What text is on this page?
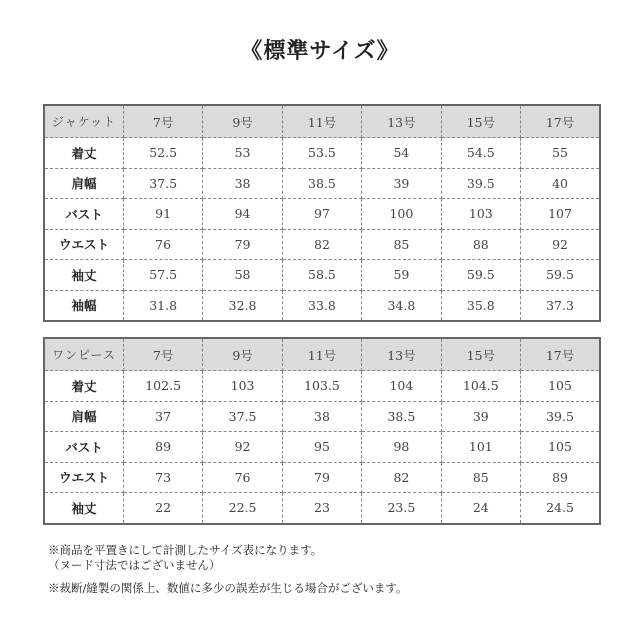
《標準サイズ》
ジャケット	7号	9号	11号	13号	15号	17号
着丈	52.5	53	53.5	54	54.5	55
肩幅	37.5	38	38.5	39	39.5	40
バスト	91	94	97	100	103	107
ウエスト	76	79	82	85	88	92
袖丈	57.5	58	58.5	59	59.5	59.5
袖幅	31.8	32.8	33.8	34.8	35.8	37.3
ワンピース	7号	9号	11号	13号	15号	17号
着丈	102.5	103	103.5	104	104.5	105
肩幅	37	37.5	38	38.5	39	39.5
バスト	89	92	95	98	101	105
ウエスト	73	76	79	82	85	89
袖丈	22	22.5	23	23.5	24	24.5
※商品を平置きにして計測したサイズ表になります。
（ヌード寸法ではございません）
※裁断/縫製の関係上、数値に多少の誤差が生じる場合がございます。
